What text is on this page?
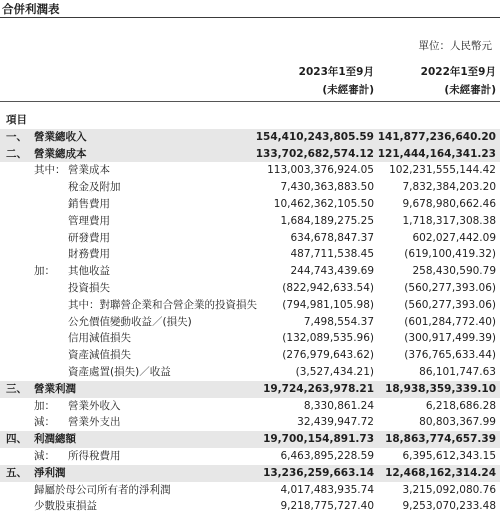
合併利潤表
單位：人民幣元
2023年1至9月
(未經審計)
2022年1至9月
(未經審計)
項目
一、 營業總收入	154,410,243,805.59 141,877,236,640.20
二、 營業總成本	133,702,682,574.12 121,444,164,341.23
其中： 營業成本	113,003,376,924.05 102,231,555,144.42
稅金及附加	7,430,363,883.50	7,832,384,203.20
銷售費用	10,462,362,105.50	9,678,980,662.46
管理費用	1,684,189,275.25	1,718,317,308.38
研發費用	634,678,847.37	602,027,442.09
財務費用	487,711,538.45	(619,100,419.32)
加： 其他收益	244,743,439.69	258,430,590.79
投資損失	(822,942,633.54)	(560,277,393.06)
其中：對聯營企業和合營企業的投資損失 (794,981,105.98)	(560,277,393.06)
公允價值變動收益／(損失)	7,498,554.37	(601,284,772.40)
信用減值損失	(132,089,535.96)	(300,917,499.39)
資產減值損失	(276,979,643.62)	(376,765,633.44)
資產處置(損失)／收益	(3,527,434.21)	86,101,747.63
三、 營業利潤	19,724,263,978.21 18,938,359,339.10
加： 營業外收入	8,330,861.24	6,218,686.28
減： 營業外支出	32,439,947.72	80,803,367.99
四、 利潤總額	19,700,154,891.73 18,863,774,657.39
減： 所得稅費用	6,463,895,228.59	6,395,612,343.15
五、 淨利潤	13,236,259,663.14 12,468,162,314.24
歸屬於母公司所有者的淨利潤	4,017,483,935.74	3,215,092,080.76
少數股東損益	9,218,775,727.40	9,253,070,233.48
